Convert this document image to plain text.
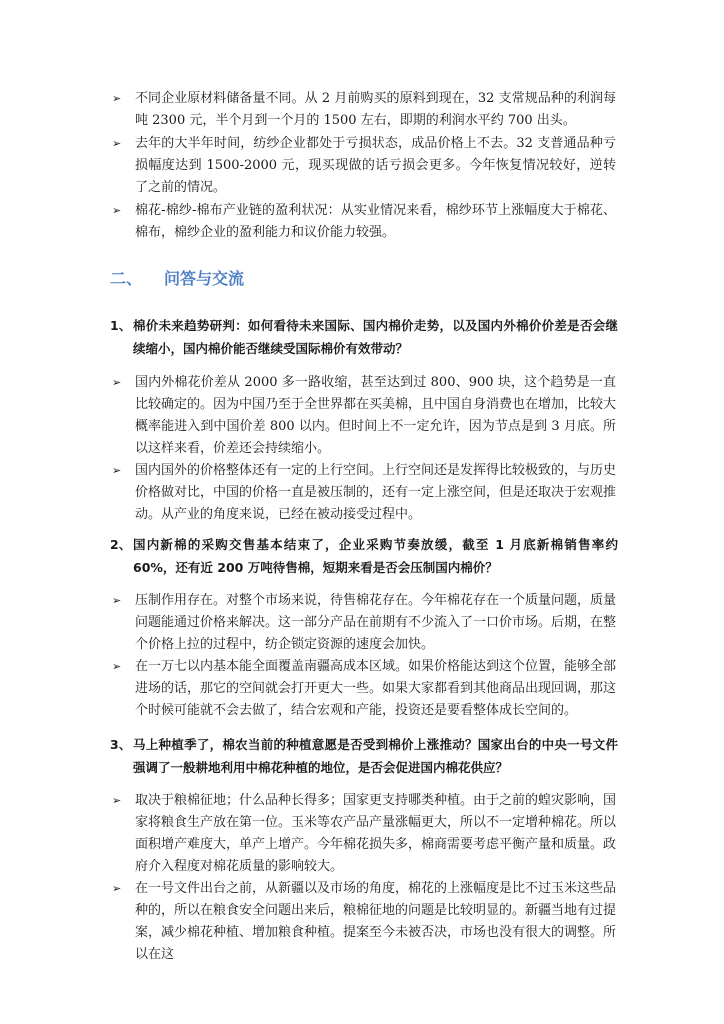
➢ 不同企业原材料储备量不同。从 2 月前购买的原料到现在，32 支常规品种的利润每吨 2300 元，半个月到一个月的 1500 左右，即期的利润水平约 700 出头。
➢ 去年的大半年时间，纺纱企业都处于亏损状态，成品价格上不去。32 支普通品种亏损幅度达到 1500-2000 元，现买现做的话亏损会更多。今年恢复情况较好，逆转了之前的情况。
➢ 棉花-棉纱-棉布产业链的盈利状况：从实业情况来看，棉纱环节上涨幅度大于棉花、棉布，棉纱企业的盈利能力和议价能力较强。
二、 问答与交流
1、 棉价未来趋势研判：如何看待未来国际、国内棉价走势，以及国内外棉价价差是否会继续缩小，国内棉价能否继续受国际棉价有效带动？
➢ 国内外棉花价差从 2000 多一路收缩，甚至达到过 800、900 块，这个趋势是一直比较确定的。因为中国乃至于全世界都在买美棉，且中国自身消费也在增加，比较大概率能进入到中国价差 800 以内。但时间上不一定允许，因为节点是到 3 月底。所以这样来看，价差还会持续缩小。
➢ 国内国外的价格整体还有一定的上行空间。上行空间还是发挥得比较极致的，与历史价格做对比，中国的价格一直是被压制的，还有一定上涨空间，但是还取决于宏观推动。从产业的角度来说，已经在被动接受过程中。
2、 国内新棉的采购交售基本结束了，企业采购节奏放缓，截至 1 月底新棉销售率约 60%，还有近 200 万吨待售棉，短期来看是否会压制国内棉价？
➢ 压制作用存在。对整个市场来说，待售棉花存在。今年棉花存在一个质量问题，质量问题能通过价格来解决。这一部分产品在前期有不少流入了一口价市场。后期，在整个价格上拉的过程中，纺企锁定资源的速度会加快。
➢ 在一万七以内基本能全面覆盖南疆高成本区域。如果价格能达到这个位置，能够全部进场的话，那它的空间就会打开更大一些。如果大家都看到其他商品出现回调，那这个时候可能就不会去做了，结合宏观和产能，投资还是要看整体成长空间的。
3、 马上种植季了，棉农当前的种植意愿是否受到棉价上涨推动？国家出台的中央一号文件强调了一般耕地利用中棉花种植的地位，是否会促进国内棉花供应？
➢ 取决于粮棉征地；什么品种长得多；国家更支持哪类种植。由于之前的蝗灾影响，国家将粮食生产放在第一位。玉米等农产品产量涨幅更大，所以不一定增种棉花。所以面积增产难度大，单产上增产。今年棉花损失多，棉商需要考虑平衡产量和质量。政府介入程度对棉花质量的影响较大。
➢ 在一号文件出台之前，从新疆以及市场的角度，棉花的上涨幅度是比不过玉米这些品种的，所以在粮食安全问题出来后，粮棉征地的问题是比较明显的。新疆当地有过提案，减少棉花种植、增加粮食种植。提案至今未被否决，市场也没有很大的调整。所以在这
